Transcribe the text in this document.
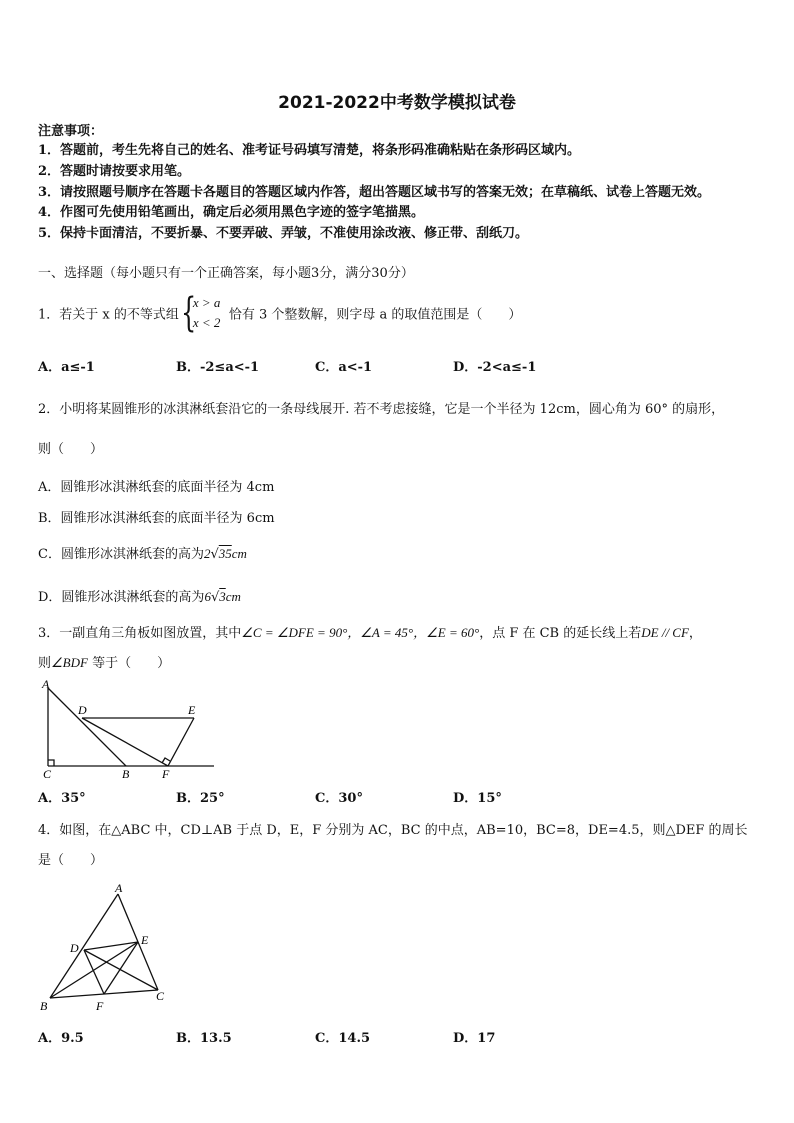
2021-2022中考数学模拟试卷
注意事项：
1．答题前，考生先将自己的姓名、准考证号码填写清楚，将条形码准确粘贴在条形码区域内。
2．答题时请按要求用笔。
3．请按照题号顺序在答题卡各题目的答题区域内作答，超出答题区域书写的答案无效；在草稿纸、试卷上答题无效。
4．作图可先使用铅笔画出，确定后必须用黑色字迹的签字笔描黑。
5．保持卡面清洁，不要折暴、不要弄破、弄皱，不准使用涂改液、修正带、刮纸刀。
一、选择题（每小题只有一个正确答案，每小题3分，满分30分）
1．若关于 x 的不等式组 {
x > a
x < 2 恰有 3 个整数解，则字母 a 的取值范围是（　　）
A．a≤-1	B．-2≤a<-1	C．a<-1	D．-2<a≤-1
2．小明将某圆锥形的冰淇淋纸套沿它的一条母线展开. 若不考虑接缝，它是一个半径为 12cm，圆心角为 60° 的扇形，
则（　　）
A．圆锥形冰淇淋纸套的底面半径为 4cm
B．圆锥形冰淇淋纸套的底面半径为 6cm
C．圆锥形冰淇淋纸套的高为2√35cm
D．圆锥形冰淇淋纸套的高为6√3cm
3．一副直角三角板如图放置，其中∠C = ∠DFE = 90°，∠A = 45°，∠E = 60°，点 F 在 CB 的延长线上若DE // CF，
则∠BDF 等于（　　）
A
D	E
C	B	F
A．35°	B．25°	C．30°	D．15°
4．如图，在△ABC 中，CD⊥AB 于点 D，E，F 分别为 AC，BC 的中点，AB=10，BC=8，DE=4.5，则△DEF 的周长
是（　　）
A
D
E
B	F
C
A．9.5	B．13.5	C．14.5	D．17
